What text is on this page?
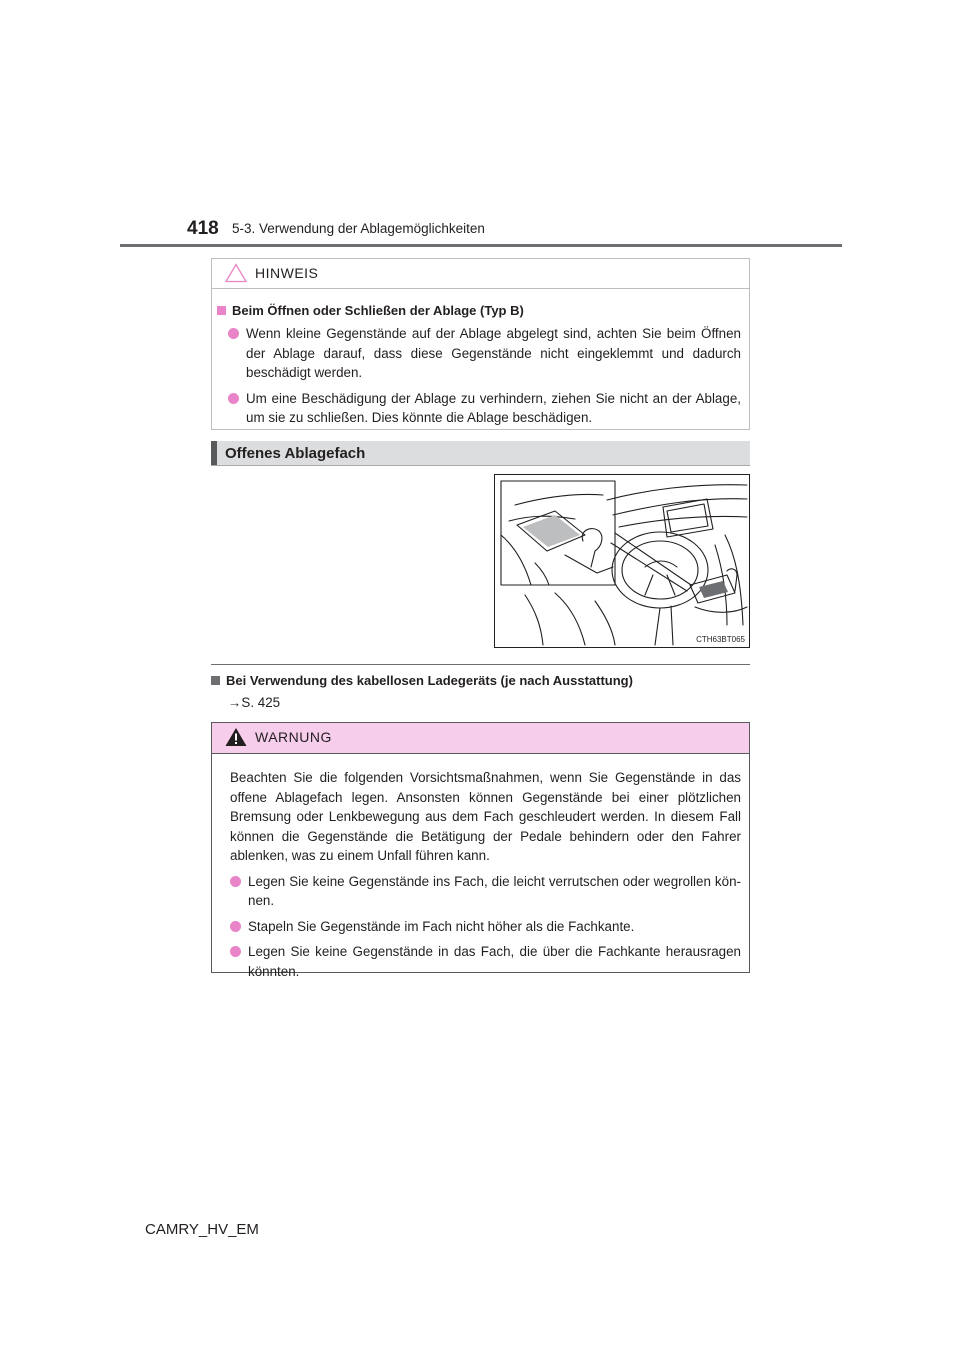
418 5-3. Verwendung der Ablagemöglichkeiten
HINWEIS
Beim Öffnen oder Schließen der Ablage (Typ B)
Wenn kleine Gegenstände auf der Ablage abgelegt sind, achten Sie beim Öffnen der Ablage darauf, dass diese Gegenstände nicht eingeklemmt und dadurch beschädigt werden.
Um eine Beschädigung der Ablage zu verhindern, ziehen Sie nicht an der Ablage, um sie zu schließen. Dies könnte die Ablage beschädigen.
Offenes Ablagefach
CTH63BT065
Bei Verwendung des kabellosen Ladegeräts (je nach Ausstattung)
→S. 425
WARNUNG

Beachten Sie die folgenden Vorsichtsmaßnahmen, wenn Sie Gegenstände in das offene Ablagefach legen. Ansonsten können Gegenstände bei einer plötzlichen Bremsung oder Lenkbewegung aus dem Fach geschleudert werden. In diesem Fall können die Gegenstände die Betätigung der Pedale behindern oder den Fahrer ablenken, was zu einem Unfall führen kann.

Legen Sie keine Gegenstände ins Fach, die leicht verrutschen oder wegrollen kön-nen.
Stapeln Sie Gegenstände im Fach nicht höher als die Fachkante.
Legen Sie keine Gegenstände in das Fach, die über die Fachkante herausragen könnten.
CAMRY_HV_EM
